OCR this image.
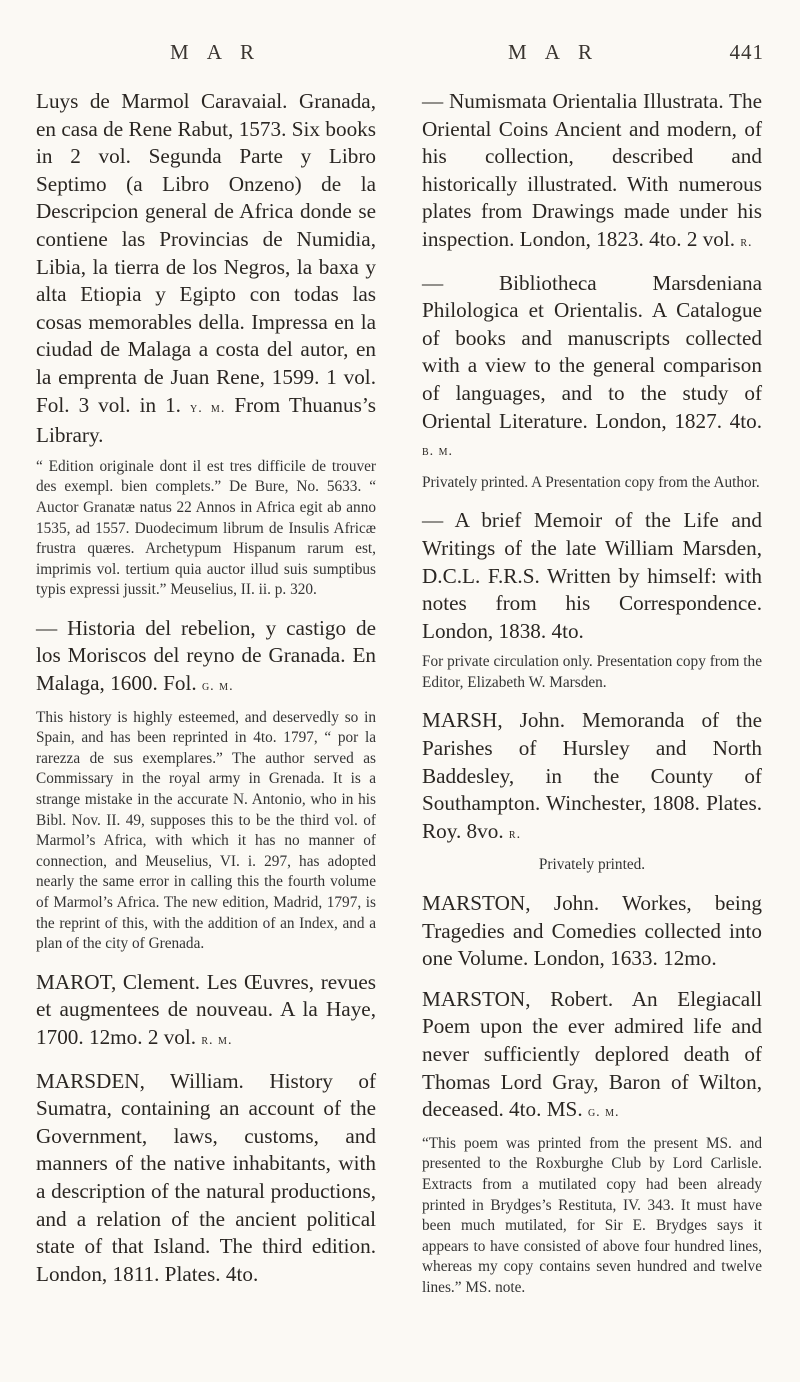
M A R	M A R	441

Luys de Marmol Caravaial. Granada, en casa de Rene Rabut, 1573. Six books in 2 vol. Segunda Parte y Libro Septimo (a Libro Onzeno) de la Descripcion general de Africa donde se contiene las Provincias de Numidia, Libia, la tierra de los Negros, la baxa y alta Etiopia y Egipto con todas las cosas memorables della. Impressa en la ciudad de Malaga a costa del autor, en la emprenta de Juan Rene, 1599. 1 vol. Fol. 3 vol. in 1. y. m. From Thuanus’s Library.

“ Edition originale dont il est tres difficile de trouver des exempl. bien complets.” De Bure, No. 5633. “ Auctor Granatæ natus 22 Annos in Africa egit ab anno 1535, ad 1557. Duodecimum librum de Insulis Africæ frustra quæres. Archetypum Hispanum rarum est, imprimis vol. tertium quia auctor illud suis sumptibus typis expressi jussit.” Meuselius, II. ii. p. 320.

— Historia del rebelion, y castigo de los Moriscos del reyno de Granada. En Malaga, 1600. Fol. g. m.

This history is highly esteemed, and deservedly so in Spain, and has been reprinted in 4to. 1797, “ por la rarezza de sus exemplares.” The author served as Commissary in the royal army in Grenada. It is a strange mistake in the accurate N. Antonio, who in his Bibl. Nov. II. 49, supposes this to be the third vol. of Marmol’s Africa, with which it has no manner of connection, and Meuselius, VI. i. 297, has adopted nearly the same error in calling this the fourth volume of Marmol’s Africa. The new edition, Madrid, 1797, is the reprint of this, with the addition of an Index, and a plan of the city of Grenada.

MAROT, Clement. Les Œuvres, revues et augmentees de nouveau. A la Haye, 1700. 12mo. 2 vol. r. m.

MARSDEN, William. History of Sumatra, containing an account of the Government, laws, customs, and manners of the native inhabitants, with a description of the natural productions, and a relation of the ancient political state of that Island. The third edition. London, 1811. Plates. 4to.

— Numismata Orientalia Illustrata. The Oriental Coins Ancient and modern, of his collection, described and historically illustrated. With numerous plates from Drawings made under his inspection. London, 1823. 4to. 2 vol. r.

— Bibliotheca Marsdeniana Philologica et Orientalis. A Catalogue of books and manuscripts collected with a view to the general comparison of languages, and to the study of Oriental Literature. London, 1827. 4to. b. m.

Privately printed. A Presentation copy from the Author.

— A brief Memoir of the Life and Writings of the late William Marsden, D.C.L. F.R.S. Written by himself: with notes from his Correspondence. London, 1838. 4to.

For private circulation only. Presentation copy from the Editor, Elizabeth W. Marsden.

MARSH, John. Memoranda of the Parishes of Hursley and North Baddesley, in the County of Southampton. Winchester, 1808. Plates. Roy. 8vo. r.

Privately printed.

MARSTON, John. Workes, being Tragedies and Comedies collected into one Volume. London, 1633. 12mo.

MARSTON, Robert. An Elegiacall Poem upon the ever admired life and never sufficiently deplored death of Thomas Lord Gray, Baron of Wilton, deceased. 4to. MS. g. m.

“This poem was printed from the present MS. and presented to the Roxburghe Club by Lord Carlisle. Extracts from a mutilated copy had been already printed in Brydges’s Restituta, IV. 343. It must have been much mutilated, for Sir E. Brydges says it appears to have consisted of above four hundred lines, whereas my copy contains seven hundred and twelve lines.” MS. note.
